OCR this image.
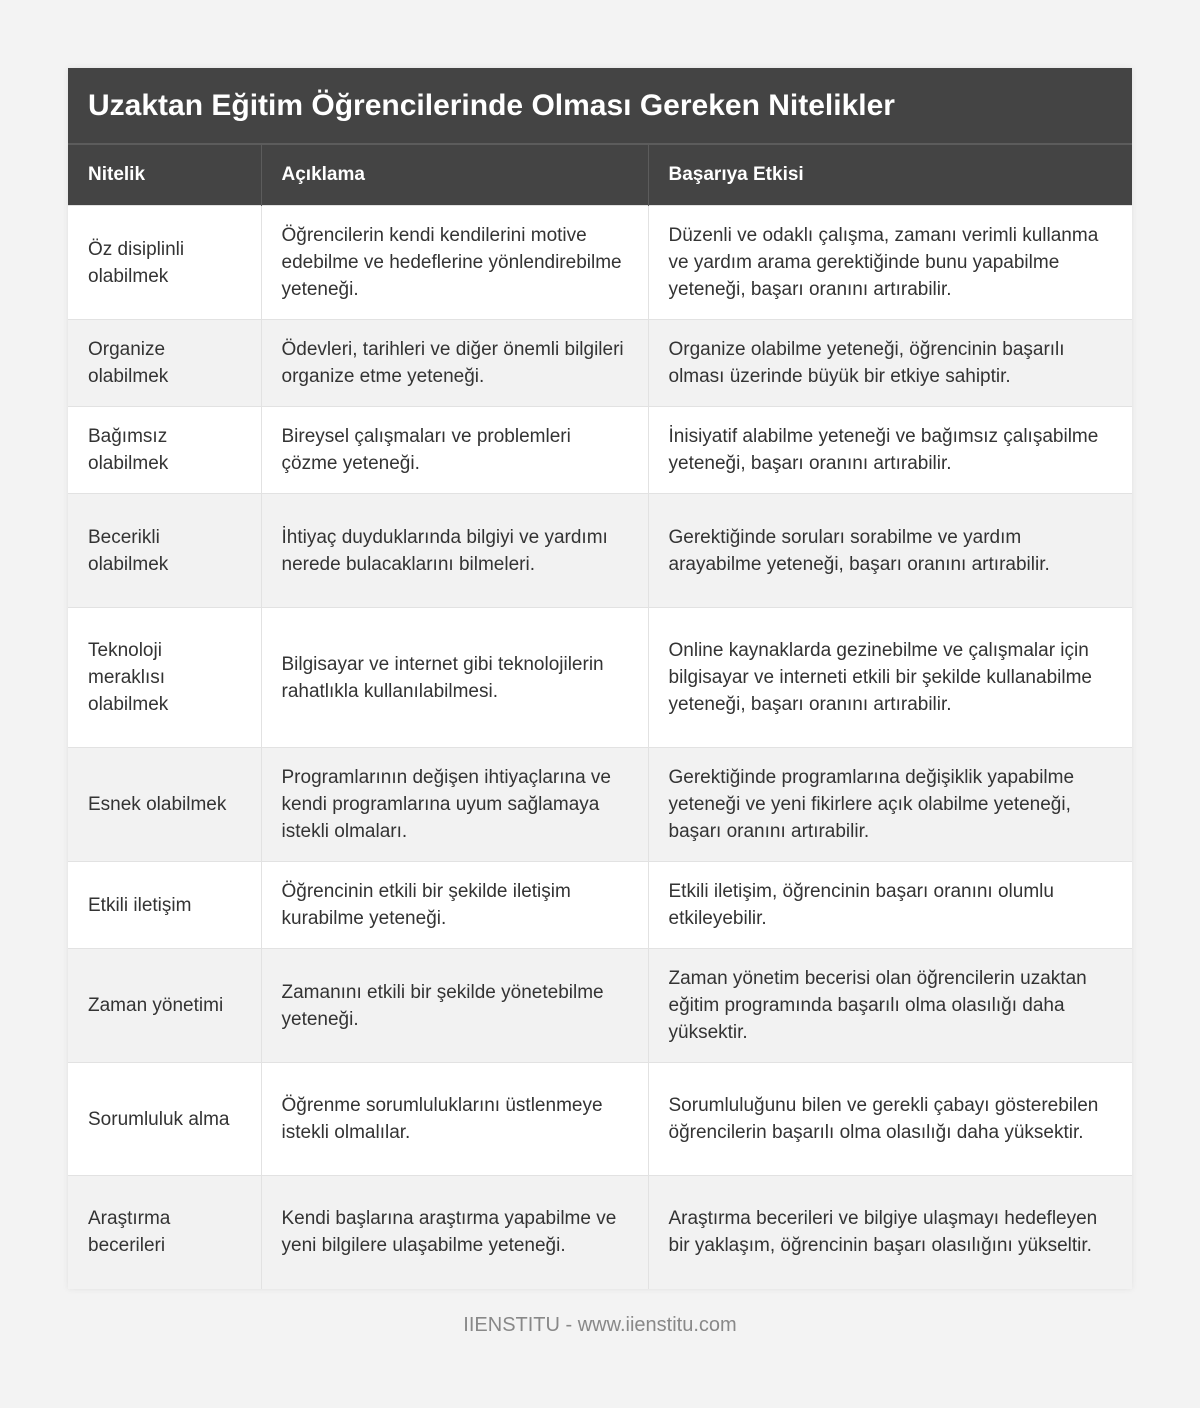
Uzaktan Eğitim Öğrencilerinde Olması Gereken Nitelikler
Nitelik	Açıklama	Başarıya Etkisi
Öz disiplinli olabilmek	Öğrencilerin kendi kendilerini motive edebilme ve hedeflerine yönlendirebilme yeteneği.	Düzenli ve odaklı çalışma, zamanı verimli kullanma ve yardım arama gerektiğinde bunu yapabilme yeteneği, başarı oranını artırabilir.
Organize olabilmek	Ödevleri, tarihleri ve diğer önemli bilgileri organize etme yeteneği.	Organize olabilme yeteneği, öğrencinin başarılı olması üzerinde büyük bir etkiye sahiptir.
Bağımsız olabilmek	Bireysel çalışmaları ve problemleri çözme yeteneği.	İnisiyatif alabilme yeteneği ve bağımsız çalışabilme yeteneği, başarı oranını artırabilir.
Becerikli olabilmek	İhtiyaç duyduklarında bilgiyi ve yardımı nerede bulacaklarını bilmeleri.	Gerektiğinde soruları sorabilme ve yardım arayabilme yeteneği, başarı oranını artırabilir.
Teknoloji meraklısı olabilmek	Bilgisayar ve internet gibi teknolojilerin rahatlıkla kullanılabilmesi.	Online kaynaklarda gezinebilme ve çalışmalar için bilgisayar ve interneti etkili bir şekilde kullanabilme yeteneği, başarı oranını artırabilir.
Esnek olabilmek	Programlarının değişen ihtiyaçlarına ve kendi programlarına uyum sağlamaya istekli olmaları.	Gerektiğinde programlarına değişiklik yapabilme yeteneği ve yeni fikirlere açık olabilme yeteneği, başarı oranını artırabilir.
Etkili iletişim	Öğrencinin etkili bir şekilde iletişim kurabilme yeteneği.	Etkili iletişim, öğrencinin başarı oranını olumlu etkileyebilir.
Zaman yönetimi	Zamanını etkili bir şekilde yönetebilme yeteneği.	Zaman yönetim becerisi olan öğrencilerin uzaktan eğitim programında başarılı olma olasılığı daha yüksektir.
Sorumluluk alma	Öğrenme sorumluluklarını üstlenmeye istekli olmalılar.	Sorumluluğunu bilen ve gerekli çabayı gösterebilen öğrencilerin başarılı olma olasılığı daha yüksektir.
Araştırma becerileri	Kendi başlarına araştırma yapabilme ve yeni bilgilere ulaşabilme yeteneği.	Araştırma becerileri ve bilgiye ulaşmayı hedefleyen bir yaklaşım, öğrencinin başarı olasılığını yükseltir.
IIENSTITU - www.iienstitu.com
